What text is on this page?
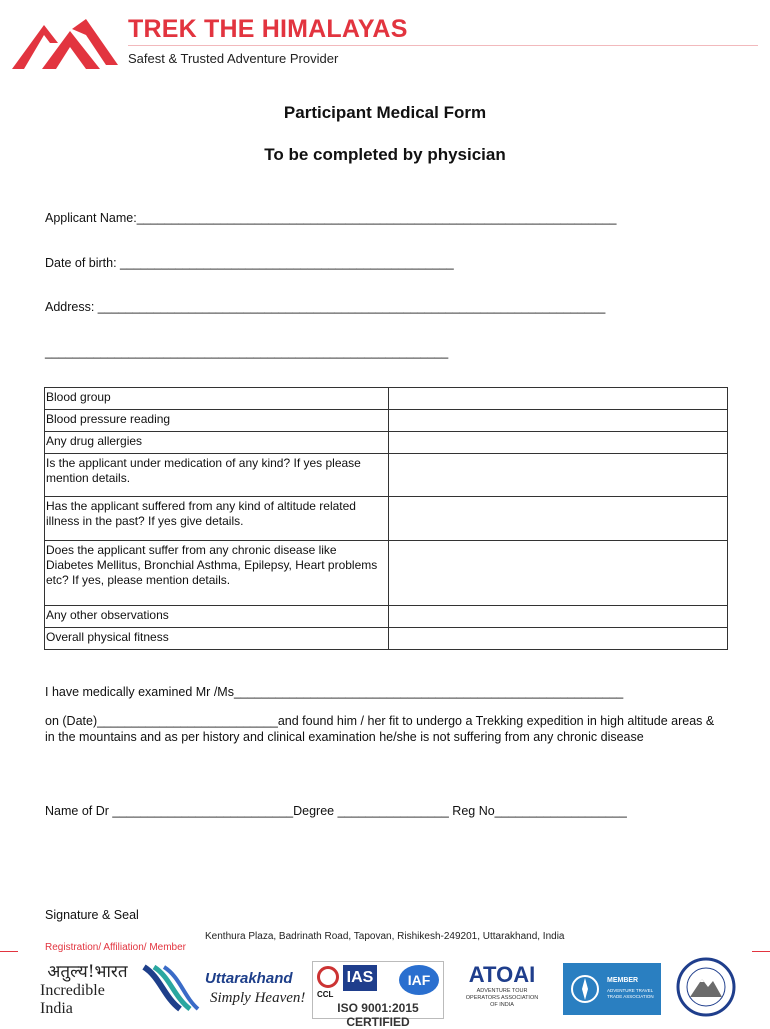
TREK THE HIMALAYAS
Safest & Trusted Adventure Provider
Participant Medical Form
To be completed by physician
Applicant Name:_____________________________________________________________________
Date of birth: ________________________________________________
Address: _________________________________________________________________________
__________________________________________________________
Blood group	
Blood pressure reading	
Any drug allergies	
Is the applicant under medication of any kind? If yes please mention details.	
Has the applicant suffered from any kind of altitude related illness in the past? If yes give details.	
Does the applicant suffer from any chronic disease like Diabetes Mellitus, Bronchial Asthma, Epilepsy, Heart problems etc? If yes, please mention details.	
Any other observations	
Overall physical fitness	
I have medically examined Mr /Ms________________________________________________________
on (Date)__________________________and found him / her fit to undergo a Trekking expedition in high altitude areas &
in the mountains and as per history and clinical examination he/she is not suffering from any chronic disease
Name of Dr __________________________Degree ________________ Reg No___________________
Signature & Seal
Kenthura Plaza, Badrinath Road, Tapovan, Rishikesh-249201, Uttarakhand, India
Registration/ Affiliation/ Member
अतुल्य!भारत
Incredible India
Uttarakhand
Simply Heaven! CCL
IAS	IAF
ISO 9001:2015 CERTIFIED
ATOAI
ADVENTURE TOUR OPERATORS ASSOCIATION OF INDIA
MEMBER
ADVENTURE TRAVEL TRADE ASSOCIATION
